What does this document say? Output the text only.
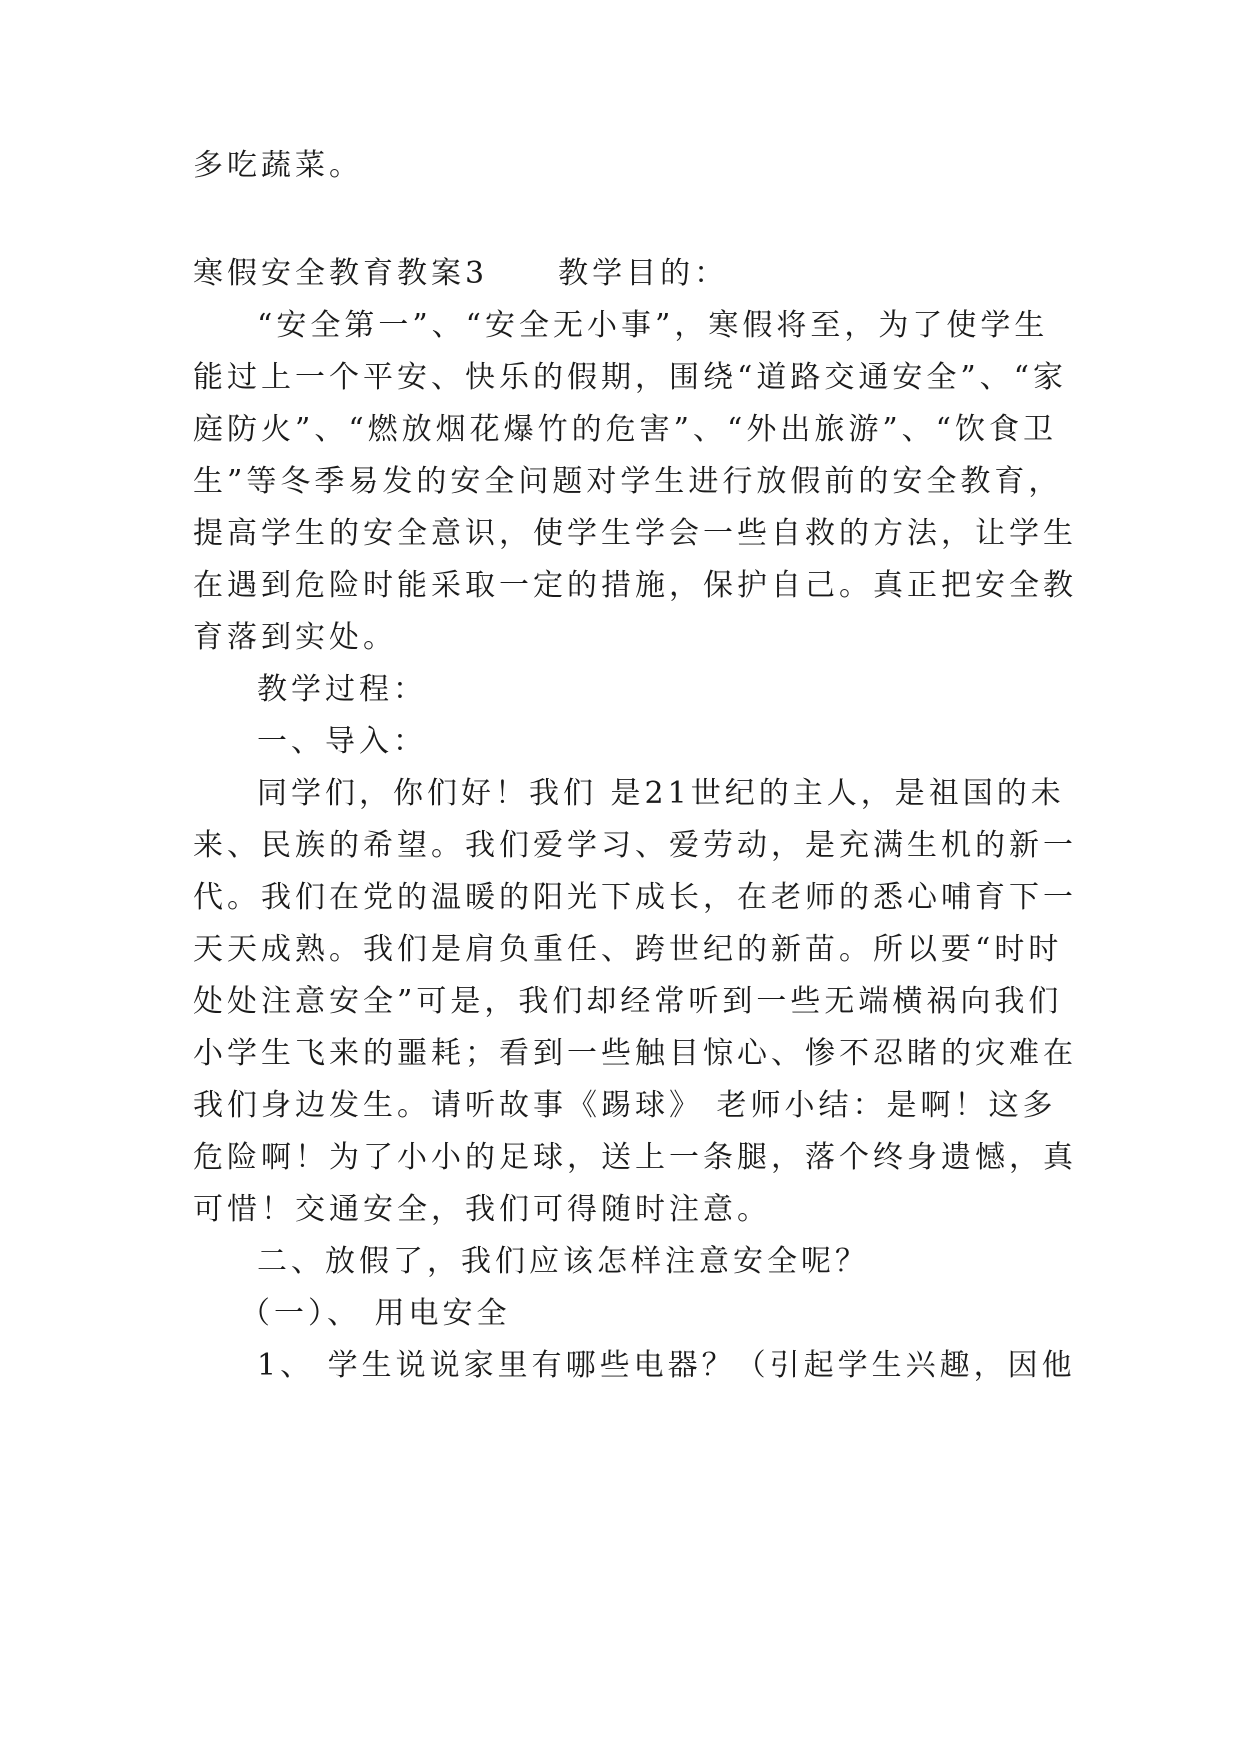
多吃蔬菜。
寒假安全教育教案3 教学目的：
“安全第一”、“安全无小事”，寒假将至，为了使学生
能过上一个平安、快乐的假期，围绕“道路交通安全”、“家
庭防火”、“燃放烟花爆竹的危害”、“外出旅游”、“饮食卫
生”等冬季易发的安全问题对学生进行放假前的安全教育，
提高学生的安全意识，使学生学会一些自救的方法，让学生
在遇到危险时能采取一定的措施，保护自己。真正把安全教
育落到实处。
教学过程：
一、导入：
同学们，你们好！我们 是21世纪的主人，是祖国的未
来、民族的希望。我们爱学习、爱劳动，是充满生机的新一
代。我们在党的温暖的阳光下成长，在老师的悉心哺育下一
天天成熟。我们是肩负重任、跨世纪的新苗。所以要“时时
处处注意安全”可是，我们却经常听到一些无端横祸向我们
小学生飞来的噩耗；看到一些触目惊心、惨不忍睹的灾难在
我们身边发生。请听故事《踢球》 老师小结：是啊！这多
危险啊！为了小小的足球，送上一条腿，落个终身遗憾，真
可惜！交通安全，我们可得随时注意。
二、放假了，我们应该怎样注意安全呢？
（一）、 用电安全
1、 学生说说家里有哪些电器？（引起学生兴趣，因他
